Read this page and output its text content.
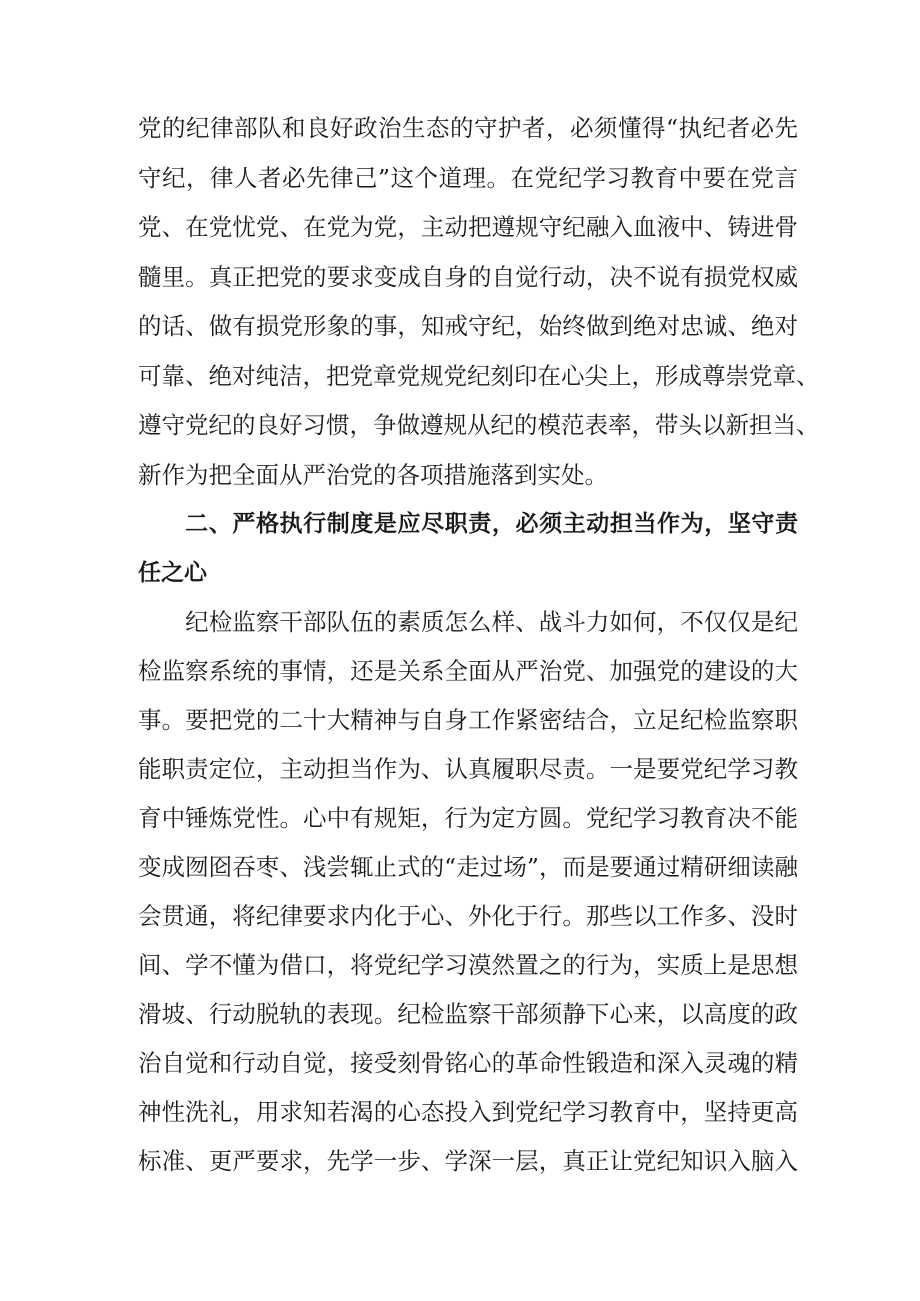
党的纪律部队和良好政治生态的守护者，必须懂得“执纪者必先
守纪，律人者必先律己”这个道理。在党纪学习教育中要在党言
党、在党忧党、在党为党，主动把遵规守纪融入血液中、铸进骨
髓里。真正把党的要求变成自身的自觉行动，决不说有损党权威
的话、做有损党形象的事，知戒守纪，始终做到绝对忠诚、绝对
可靠、绝对纯洁，把党章党规党纪刻印在心尖上，形成尊崇党章、
遵守党纪的良好习惯，争做遵规从纪的模范表率，带头以新担当、
新作为把全面从严治党的各项措施落到实处。
　　二、严格执行制度是应尽职责，必须主动担当作为，坚守责
任之心
　　纪检监察干部队伍的素质怎么样、战斗力如何，不仅仅是纪
检监察系统的事情，还是关系全面从严治党、加强党的建设的大
事。要把党的二十大精神与自身工作紧密结合，立足纪检监察职
能职责定位，主动担当作为、认真履职尽责。一是要党纪学习教
育中锤炼党性。心中有规矩，行为定方圆。党纪学习教育决不能
变成囫囵吞枣、浅尝辄止式的“走过场”，而是要通过精研细读融
会贯通，将纪律要求内化于心、外化于行。那些以工作多、没时
间、学不懂为借口，将党纪学习漠然置之的行为，实质上是思想
滑坡、行动脱轨的表现。纪检监察干部须静下心来，以高度的政
治自觉和行动自觉，接受刻骨铭心的革命性锻造和深入灵魂的精
神性洗礼，用求知若渴的心态投入到党纪学习教育中，坚持更高
标准、更严要求，先学一步、学深一层，真正让党纪知识入脑入
